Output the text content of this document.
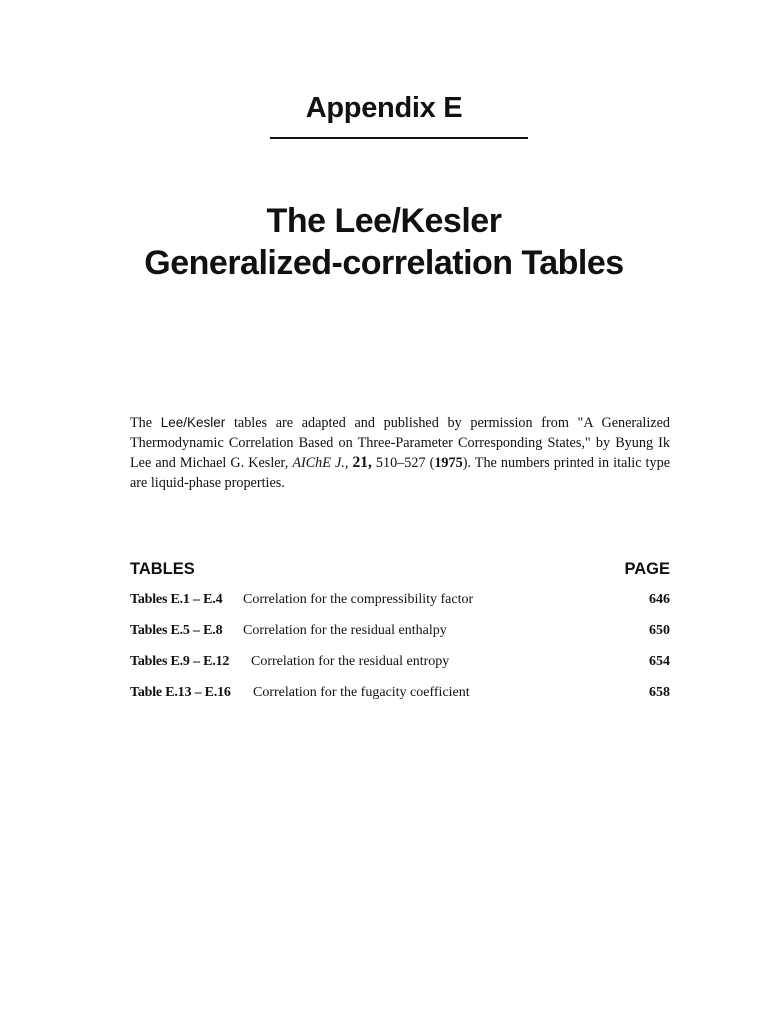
Appendix E
The Lee/Kesler
Generalized-correlation Tables

The Lee/Kesler tables are adapted and published by permission from "A Generalized Thermodynamic Correlation Based on Three-Parameter Corresponding States," by Byung Ik Lee and Michael G. Kesler, AIChE J., 21, 510–527 (1975). The numbers printed in italic type are liquid-phase properties.

TABLES	PAGE
Tables E.1 – E.4 Correlation for the compressibility factor	646
Tables E.5 – E.8 Correlation for the residual enthalpy	650
Tables E.9 – E.12 Correlation for the residual entropy	654
Table E.13 – E.16 Correlation for the fugacity coefficient	658
